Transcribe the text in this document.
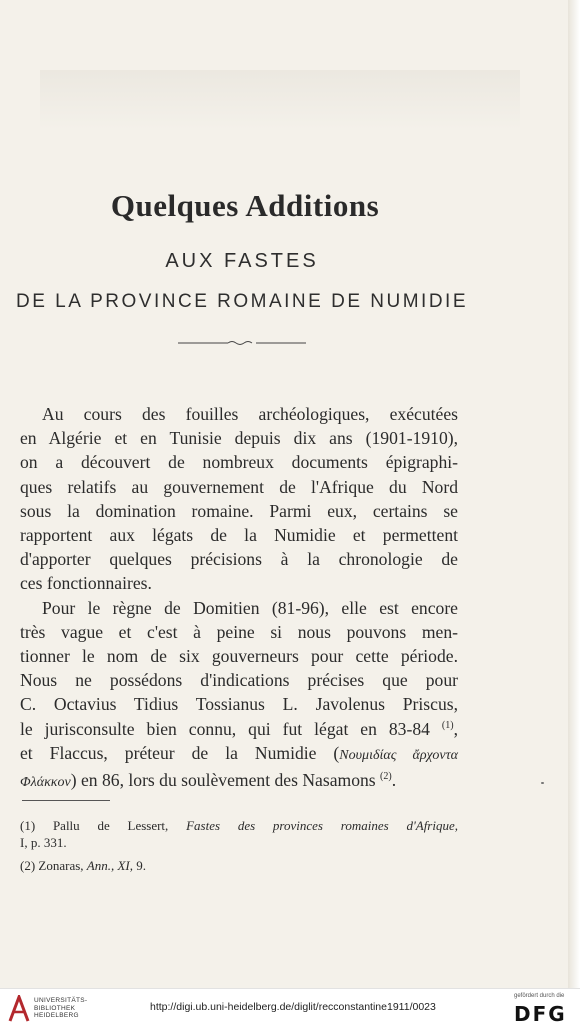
Quelques Additions
AUX FASTES
DE LA PROVINCE ROMAINE DE NUMIDIE
Au cours des fouilles archéologiques, exécutées
en Algérie et en Tunisie depuis dix ans (1901-1910),
on a découvert de nombreux documents épigraphi-
ques relatifs au gouvernement de l'Afrique du Nord
sous la domination romaine. Parmi eux, certains se
rapportent aux légats de la Numidie et permettent
d'apporter quelques précisions à la chronologie de
ces fonctionnaires.
Pour le règne de Domitien (81-96), elle est encore
très vague et c'est à peine si nous pouvons men-
tionner le nom de six gouverneurs pour cette période.
Nous ne possédons d'indications précises que pour
C. Octavius Tidius Tossianus L. Javolenus Priscus,
le jurisconsulte bien connu, qui fut légat en 83-84 $^{(1)}$,
et Flaccus, préteur de la Numidie (Νουμιδίας ἄρχοντα
Φλάκκον) en 86, lors du soulèvement des Nasamons $^{(2)}$.
(1) Pallu de Lessert, Fastes des provinces romaines d'Afrique,
I, p. 331.
(2) Zonaras, Ann., XI, 9.
UNIVERSITÄTS-
BIBLIOTHEK
HEIDELBERG
http://digi.ub.uni-heidelberg.de/diglit/recconstantine1911/0023
gefördert durch die
DFG
